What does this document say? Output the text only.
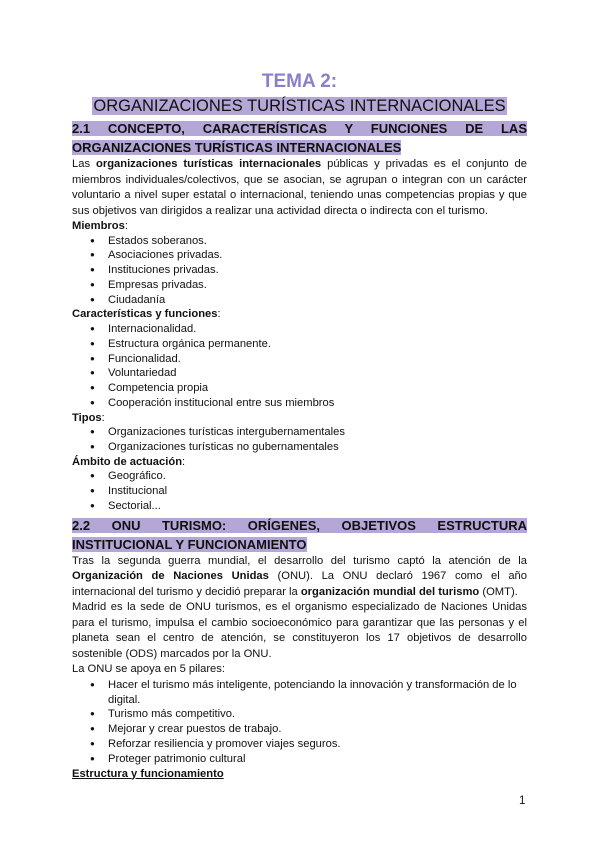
TEMA 2:
ORGANIZACIONES TURÍSTICAS INTERNACIONALES
2.1 CONCEPTO, CARACTERÍSTICAS Y FUNCIONES DE LAS ORGANIZACIONES TURÍSTICAS INTERNACIONALES

Las organizaciones turísticas internacionales públicas y privadas es el conjunto de miembros individuales/colectivos, que se asocian, se agrupan o integran con un carácter voluntario a nivel super estatal o internacional, teniendo unas competencias propias y que sus objetivos van dirigidos a realizar una actividad directa o indirecta con el turismo.

Miembros:
● Estados soberanos.
● Asociaciones privadas.
● Instituciones privadas.
● Empresas privadas.
● Ciudadanía
Características y funciones:
● Internacionalidad.
● Estructura orgánica permanente.
● Funcionalidad.
● Voluntariedad
● Competencia propia
● Cooperación institucional entre sus miembros
Tipos:
● Organizaciones turísticas intergubernamentales
● Organizaciones turísticas no gubernamentales
Ámbito de actuación:
● Geográfico.
● Institucional
● Sectorial...
2.2 ONU TURISMO: ORÍGENES, OBJETIVOS ESTRUCTURA INSTITUCIONAL Y FUNCIONAMIENTO

Tras la segunda guerra mundial, el desarrollo del turismo captó la atención de la Organización de Naciones Unidas (ONU). La ONU declaró 1967 como el año internacional del turismo y decidió preparar la organización mundial del turismo (OMT).

Madrid es la sede de ONU turismos, es el organismo especializado de Naciones Unidas para el turismo, impulsa el cambio socioeconómico para garantizar que las personas y el planeta sean el centro de atención, se constituyeron los 17 objetivos de desarrollo sostenible (ODS) marcados por la ONU.

La ONU se apoya en 5 pilares:

● Hacer el turismo más inteligente, potenciando la innovación y transformación de lo digital.
● Turismo más competitivo.
● Mejorar y crear puestos de trabajo.
● Reforzar resiliencia y promover viajes seguros.
● Proteger patrimonio cultural
Estructura y funcionamiento
1
